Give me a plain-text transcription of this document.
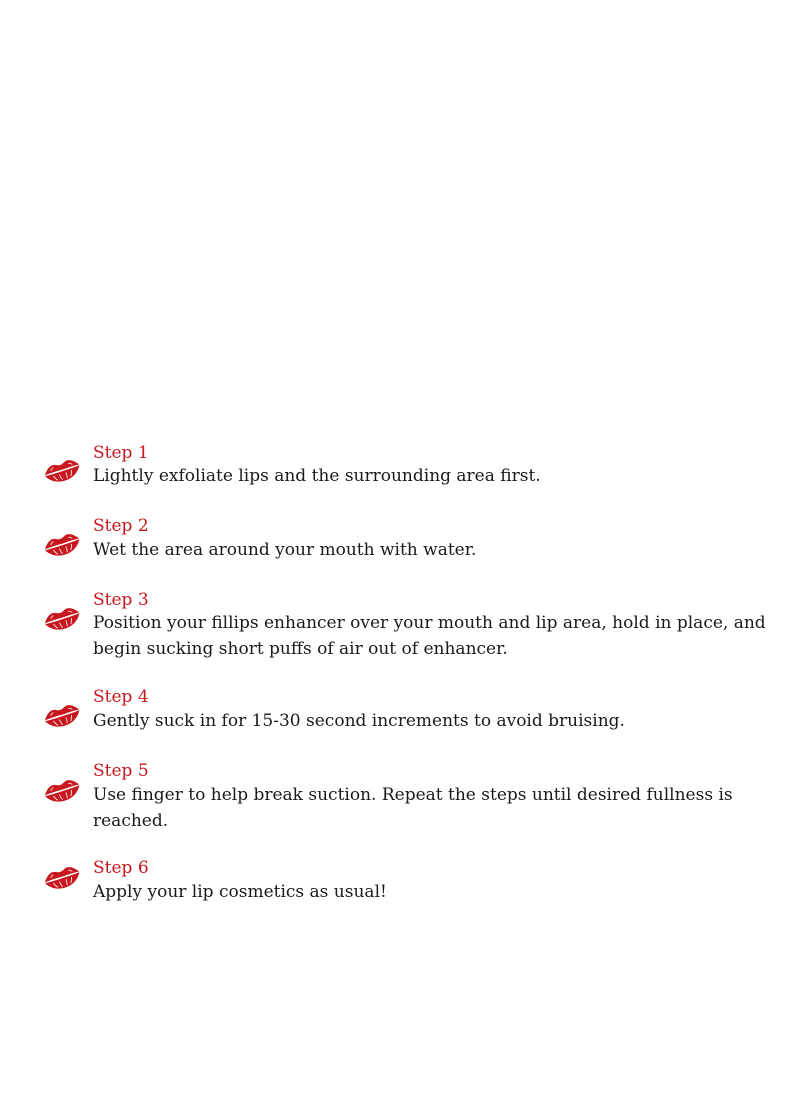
Step 1
Lightly exfoliate lips and the surrounding area first.
Step 2
Wet the area around your mouth with water.
Step 3
Position your fillips enhancer over your mouth and lip area, hold in place, and begin sucking short puffs of air out of enhancer.
Step 4
Gently suck in for 15-30 second increments to avoid bruising.
Step 5
Use finger to help break suction. Repeat the steps until desired fullness is reached.
Step 6
Apply your lip cosmetics as usual!
